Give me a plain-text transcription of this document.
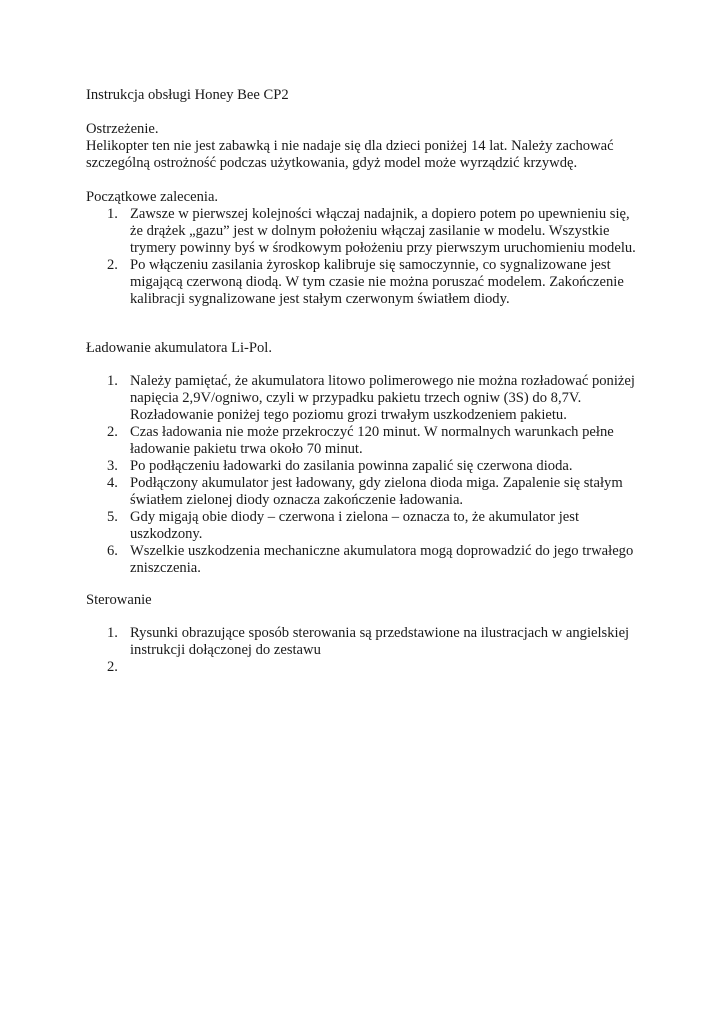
Instrukcja obsługi Honey Bee CP2

Ostrzeżenie.

Helikopter ten nie jest zabawką i nie nadaje się dla dzieci poniżej 14 lat. Należy zachować szczególną ostrożność podczas użytkowania, gdyż model może wyrządzić krzywdę.

Początkowe zalecenia.

1. Zawsze w pierwszej kolejności włączaj nadajnik, a dopiero potem po upewnieniu się, że drążek „gazu” jest w dolnym położeniu włączaj zasilanie w modelu. Wszystkie trymery powinny byś w środkowym położeniu przy pierwszym uruchomieniu modelu.
2. Po włączeniu zasilania żyroskop kalibruje się samoczynnie, co sygnalizowane jest migającą czerwoną diodą. W tym czasie nie można poruszać modelem. Zakończenie kalibracji sygnalizowane jest stałym czerwonym światłem diody.

Ładowanie akumulatora Li-Pol.

1. Należy pamiętać, że akumulatora litowo polimerowego nie można rozładować poniżej napięcia 2,9V/ogniwo, czyli w przypadku pakietu trzech ogniw (3S) do 8,7V. Rozładowanie poniżej tego poziomu grozi trwałym uszkodzeniem pakietu.
2. Czas ładowania nie może przekroczyć 120 minut. W normalnych warunkach pełne ładowanie pakietu trwa około 70 minut.
3. Po podłączeniu ładowarki do zasilania powinna zapalić się czerwona dioda.
4. Podłączony akumulator jest ładowany, gdy zielona dioda miga. Zapalenie się stałym światłem zielonej diody oznacza zakończenie ładowania.
5. Gdy migają obie diody – czerwona i zielona – oznacza to, że akumulator jest uszkodzony.
6. Wszelkie uszkodzenia mechaniczne akumulatora mogą doprowadzić do jego trwałego zniszczenia.

Sterowanie

1. Rysunki obrazujące sposób sterowania są przedstawione na ilustracjach w angielskiej instrukcji dołączonej do zestawu
2.
